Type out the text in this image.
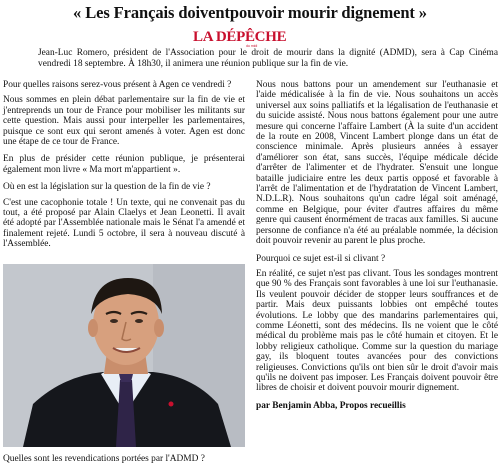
« Les Français doiventpouvoir mourir dignement »
LA DÉPÊCHE
du midi
Jean-Luc Romero, président de l'Association pour le droit de mourir dans la dignité (ADMD), sera à Cap Cinéma vendredi 18 septembre. À 18h30, il animera une réunion publique sur la fin de vie.

Pour quelles raisons serez-vous présent à Agen ce vendredi ?

Nous sommes en plein débat parlementaire sur la fin de vie et j'entreprends un tour de France pour mobiliser les militants sur cette question. Mais aussi pour interpeller les parlementaires, puisque ce sont eux qui seront amenés à voter. Agen est donc une étape de ce tour de France.

En plus de présider cette réunion publique, je présenterai également mon livre « Ma mort m'appartient ».

Où en est la législation sur la question de la fin de vie ?

C'est une cacophonie totale ! Un texte, qui ne convenait pas du tout, a été proposé par Alain Claelys et Jean Leonetti. Il avait été adopté par l'Assemblée nationale mais le Sénat l'a amendé et finalement rejeté. Lundi 5 octobre, il sera à nouveau discuté à l'Assemblée.

Quelles sont les revendications portées par l'ADMD ?

Nous nous battons pour un amendement sur l'euthanasie et l'aide médicalisée à la fin de vie. Nous souhaitons un accès universel aux soins palliatifs et la légalisation de l'euthanasie et du suicide assisté. Nous nous battons également pour une autre mesure qui concerne l'affaire Lambert (À la suite d'un accident de la route en 2008, Vincent Lambert plonge dans un état de conscience minimale. Après plusieurs années à essayer d'améliorer son état, sans succès, l'équipe médicale décide d'arrêter de l'alimenter et de l'hydrater. S'ensuit une longue bataille judiciaire entre les deux partis opposé et favorable à l'arrêt de l'alimentation et de l'hydratation de Vincent Lambert, N.D.L.R). Nous souhaitons qu'un cadre légal soit aménagé, comme en Belgique, pour éviter d'autres affaires du même genre qui causent énormément de tracas aux familles. Si aucune personne de confiance n'a été au préalable nommée, la décision doit pouvoir revenir au parent le plus proche.

Pourquoi ce sujet est-il si clivant ?

En réalité, ce sujet n'est pas clivant. Tous les sondages montrent que 90 % des Français sont favorables à une loi sur l'euthanasie. Ils veulent pouvoir décider de stopper leurs souffrances et de partir. Mais deux puissants lobbies ont empêché toutes évolutions. Le lobby que des mandarins parlementaires qui, comme Léonetti, sont des médecins. Ils ne voient que le côté médical du problème mais pas le côté humain et citoyen. Et le lobby religieux catholique. Comme sur la question du mariage gay, ils bloquent toutes avancées pour des convictions religieuses. Convictions qu'ils ont bien sûr le droit d'avoir mais qu'ils ne doivent pas imposer. Les Français doivent pouvoir être libres de choisir et doivent pouvoir mourir dignement.

par Benjamin Abba, Propos recueillis
